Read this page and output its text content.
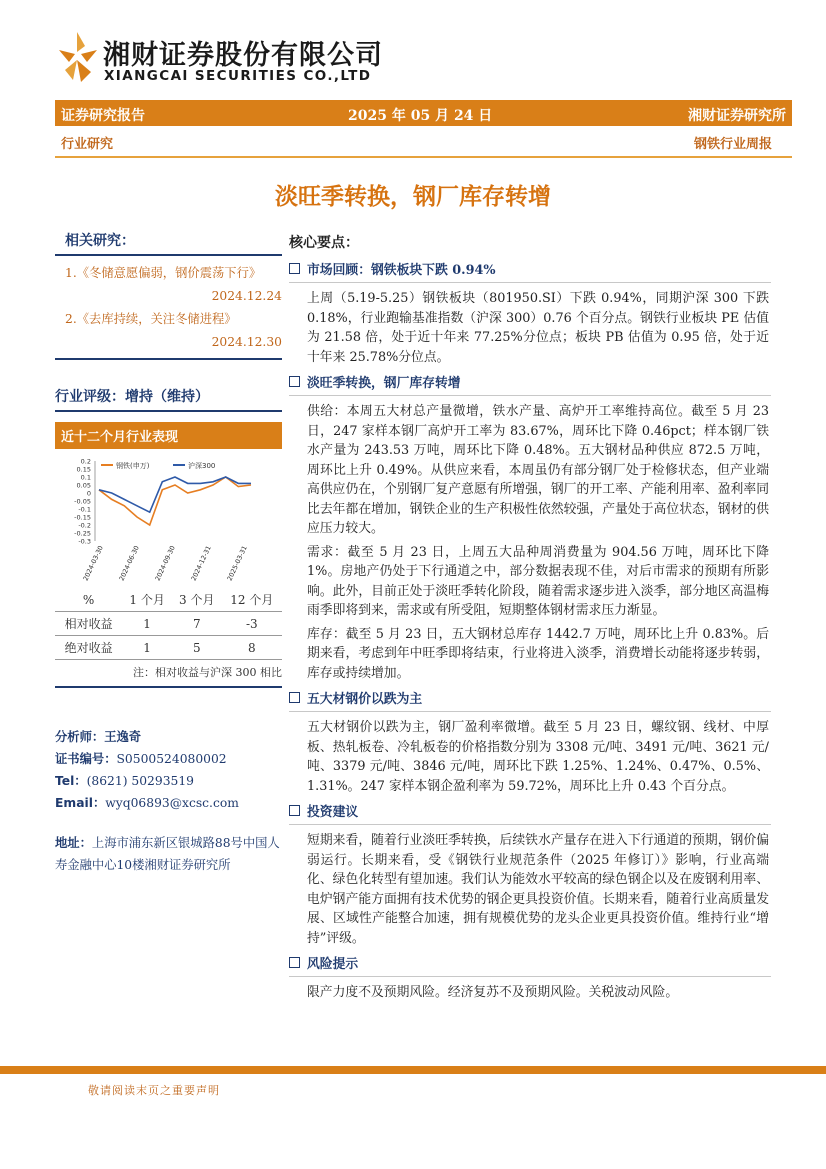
湘财证券股份有限公司
XIANGCAI SECURITIES CO.,LTD
证券研究报告	2025 年 05 月 24 日	湘财证券研究所
行业研究	钢铁行业周报
淡旺季转换，钢厂库存转增
相关研究：
1.《冬储意愿偏弱，钢价震荡下行》
2024.12.24
2.《去库持续，关注冬储进程》
2024.12.30
行业评级：增持（维持）
近十二个月行业表现
0.2
0.15
0.1
0.05
0
-0.05
-0.1
-0.15
-0.2
-0.25
-0.3
2024-03-30 2024-06-30 2024-09-30 2024-12-31 2025-03-31
钢铁(申万)	沪深300
%	1 个月	3 个月	12 个月
相对收益	1	7	-3
绝对收益	1	5	8
注：相对收益与沪深 300 相比
分析师：王逸奇
证书编号：S0500524080002
Tel：(8621) 50293519
Email：wyq06893@xcsc.com
地址：上海市浦东新区银城路88号中国人寿金融中心10楼湘财证券研究所
核心要点：
市场回顾：钢铁板块下跌 0.94%
上周（5.19-5.25）钢铁板块（801950.SI）下跌 0.94%，同期沪深 300 下跌 0.18%，行业跑输基准指数（沪深 300）0.76 个百分点。钢铁行业板块 PE 估值为 21.58 倍，处于近十年来 77.25%分位点；板块 PB 估值为 0.95 倍，处于近十年来 25.78%分位点。
淡旺季转换，钢厂库存转增
供给：本周五大材总产量微增，铁水产量、高炉开工率维持高位。截至 5 月 23 日，247 家样本钢厂高炉开工率为 83.67%，周环比下降 0.46pct；样本钢厂铁水产量为 243.53 万吨，周环比下降 0.48%。五大钢材品种供应 872.5 万吨，周环比上升 0.49%。从供应来看，本周虽仍有部分钢厂处于检修状态，但产业端高供应仍在，个别钢厂复产意愿有所增强，钢厂的开工率、产能利用率、盈利率同比去年都在增加，钢铁企业的生产积极性依然较强，产量处于高位状态，钢材的供应压力较大。
需求：截至 5 月 23 日，上周五大品种周消费量为 904.56 万吨，周环比下降 1%。房地产仍处于下行通道之中，部分数据表现不佳，对后市需求的预期有所影响。此外，目前正处于淡旺季转化阶段，随着需求逐步进入淡季，部分地区高温梅雨季即将到来，需求或有所受阻，短期整体钢材需求压力渐显。
库存：截至 5 月 23 日，五大钢材总库存 1442.7 万吨，周环比上升 0.83%。后期来看，考虑到年中旺季即将结束，行业将进入淡季，消费增长动能将逐步转弱，库存或持续增加。
五大材钢价以跌为主
五大材钢价以跌为主，钢厂盈利率微增。截至 5 月 23 日，螺纹钢、线材、中厚板、热轧板卷、冷轧板卷的价格指数分别为 3308 元/吨、3491 元/吨、3621 元/吨、3379 元/吨、3846 元/吨，周环比下跌 1.25%、1.24%、0.47%、0.5%、1.31%。247 家样本钢企盈利率为 59.72%，周环比上升 0.43 个百分点。
投资建议
短期来看，随着行业淡旺季转换，后续铁水产量存在进入下行通道的预期，钢价偏弱运行。长期来看，受《钢铁行业规范条件（2025 年修订）》影响，行业高端化、绿色化转型有望加速。我们认为能效水平较高的绿色钢企以及在废钢利用率、电炉钢产能方面拥有技术优势的钢企更具投资价值。长期来看，随着行业高质量发展、区域性产能整合加速，拥有规模优势的龙头企业更具投资价值。维持行业“增持”评级。
风险提示
限产力度不及预期风险。经济复苏不及预期风险。关税波动风险。
敬请阅读末页之重要声明
